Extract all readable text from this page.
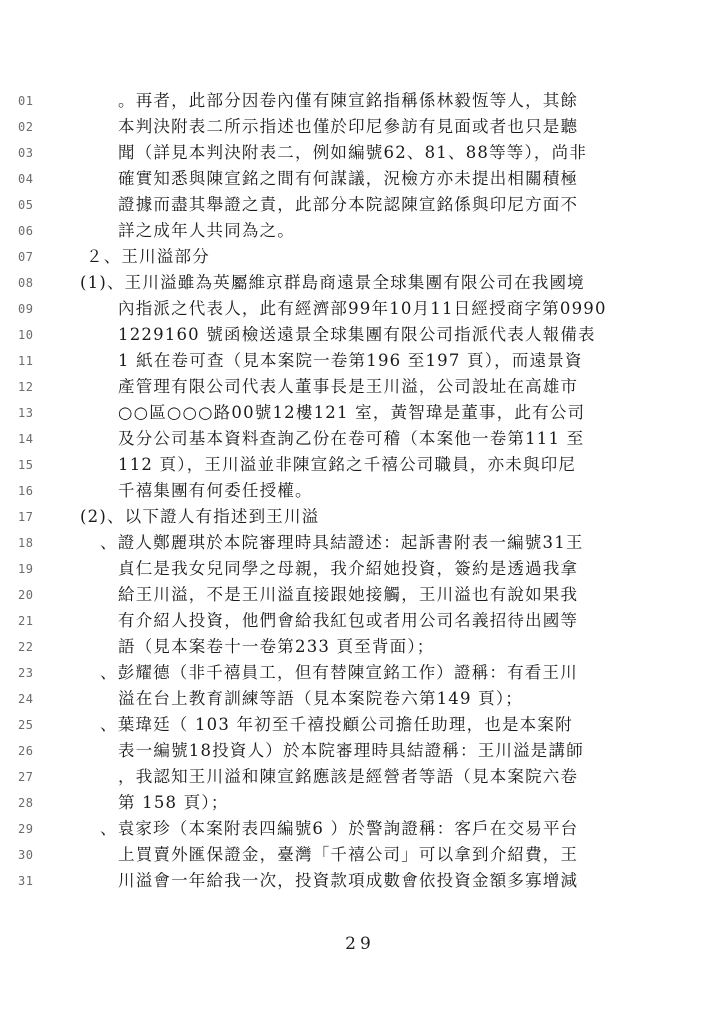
01	。再者，此部分因卷內僅有陳宣銘指稱係林毅恆等人，其餘
02	本判決附表二所示指述也僅於印尼參訪有見面或者也只是聽
03	聞（詳見本判決附表二，例如編號62、81、88等等），尚非
04	確實知悉與陳宣銘之間有何謀議，況檢方亦未提出相關積極
05	證據而盡其舉證之責，此部分本院認陳宣銘係與印尼方面不
06	詳之成年人共同為之。
07	２、王川溢部分
08	(1)、王川溢雖為英屬維京群島商遠景全球集團有限公司在我國境
09	內指派之代表人，此有經濟部99年10月11日經授商字第0990
10	1229160 號函檢送遠景全球集團有限公司指派代表人報備表
11	1 紙在卷可查（見本案院一卷第196 至197 頁），而遠景資
12	產管理有限公司代表人董事長是王川溢，公司設址在高雄市
13	○○區○○○路00號12樓121 室，黃智瑋是董事，此有公司
14	及分公司基本資料查詢乙份在卷可稽（本案他一卷第111 至
15	112 頁），王川溢並非陳宣銘之千禧公司職員，亦未與印尼
16	千禧集團有何委任授權。
17	(2)、以下證人有指述到王川溢
18	、證人鄭麗琪於本院審理時具結證述：起訴書附表一編號31王
19	貞仁是我女兒同學之母親，我介紹她投資，簽約是透過我拿
20	給王川溢，不是王川溢直接跟她接觸，王川溢也有說如果我
21	有介紹人投資，他們會給我紅包或者用公司名義招待出國等
22	語（見本案卷十一卷第233 頁至背面）；
23	、彭耀德（非千禧員工，但有替陳宣銘工作）證稱：有看王川
24	溢在台上教育訓練等語（見本案院卷六第149 頁）；
25	、葉瑋廷（ 103 年初至千禧投顧公司擔任助理，也是本案附
26	表一編號18投資人）於本院審理時具結證稱：王川溢是講師
27	，我認知王川溢和陳宣銘應該是經營者等語（見本案院六卷
28	第 158 頁）；
29	、袁家珍（本案附表四編號6 ）於警詢證稱：客戶在交易平台
30	上買賣外匯保證金，臺灣「千禧公司」可以拿到介紹費，王
31	川溢會一年給我一次，投資款項成數會依投資金額多寡增減
29
